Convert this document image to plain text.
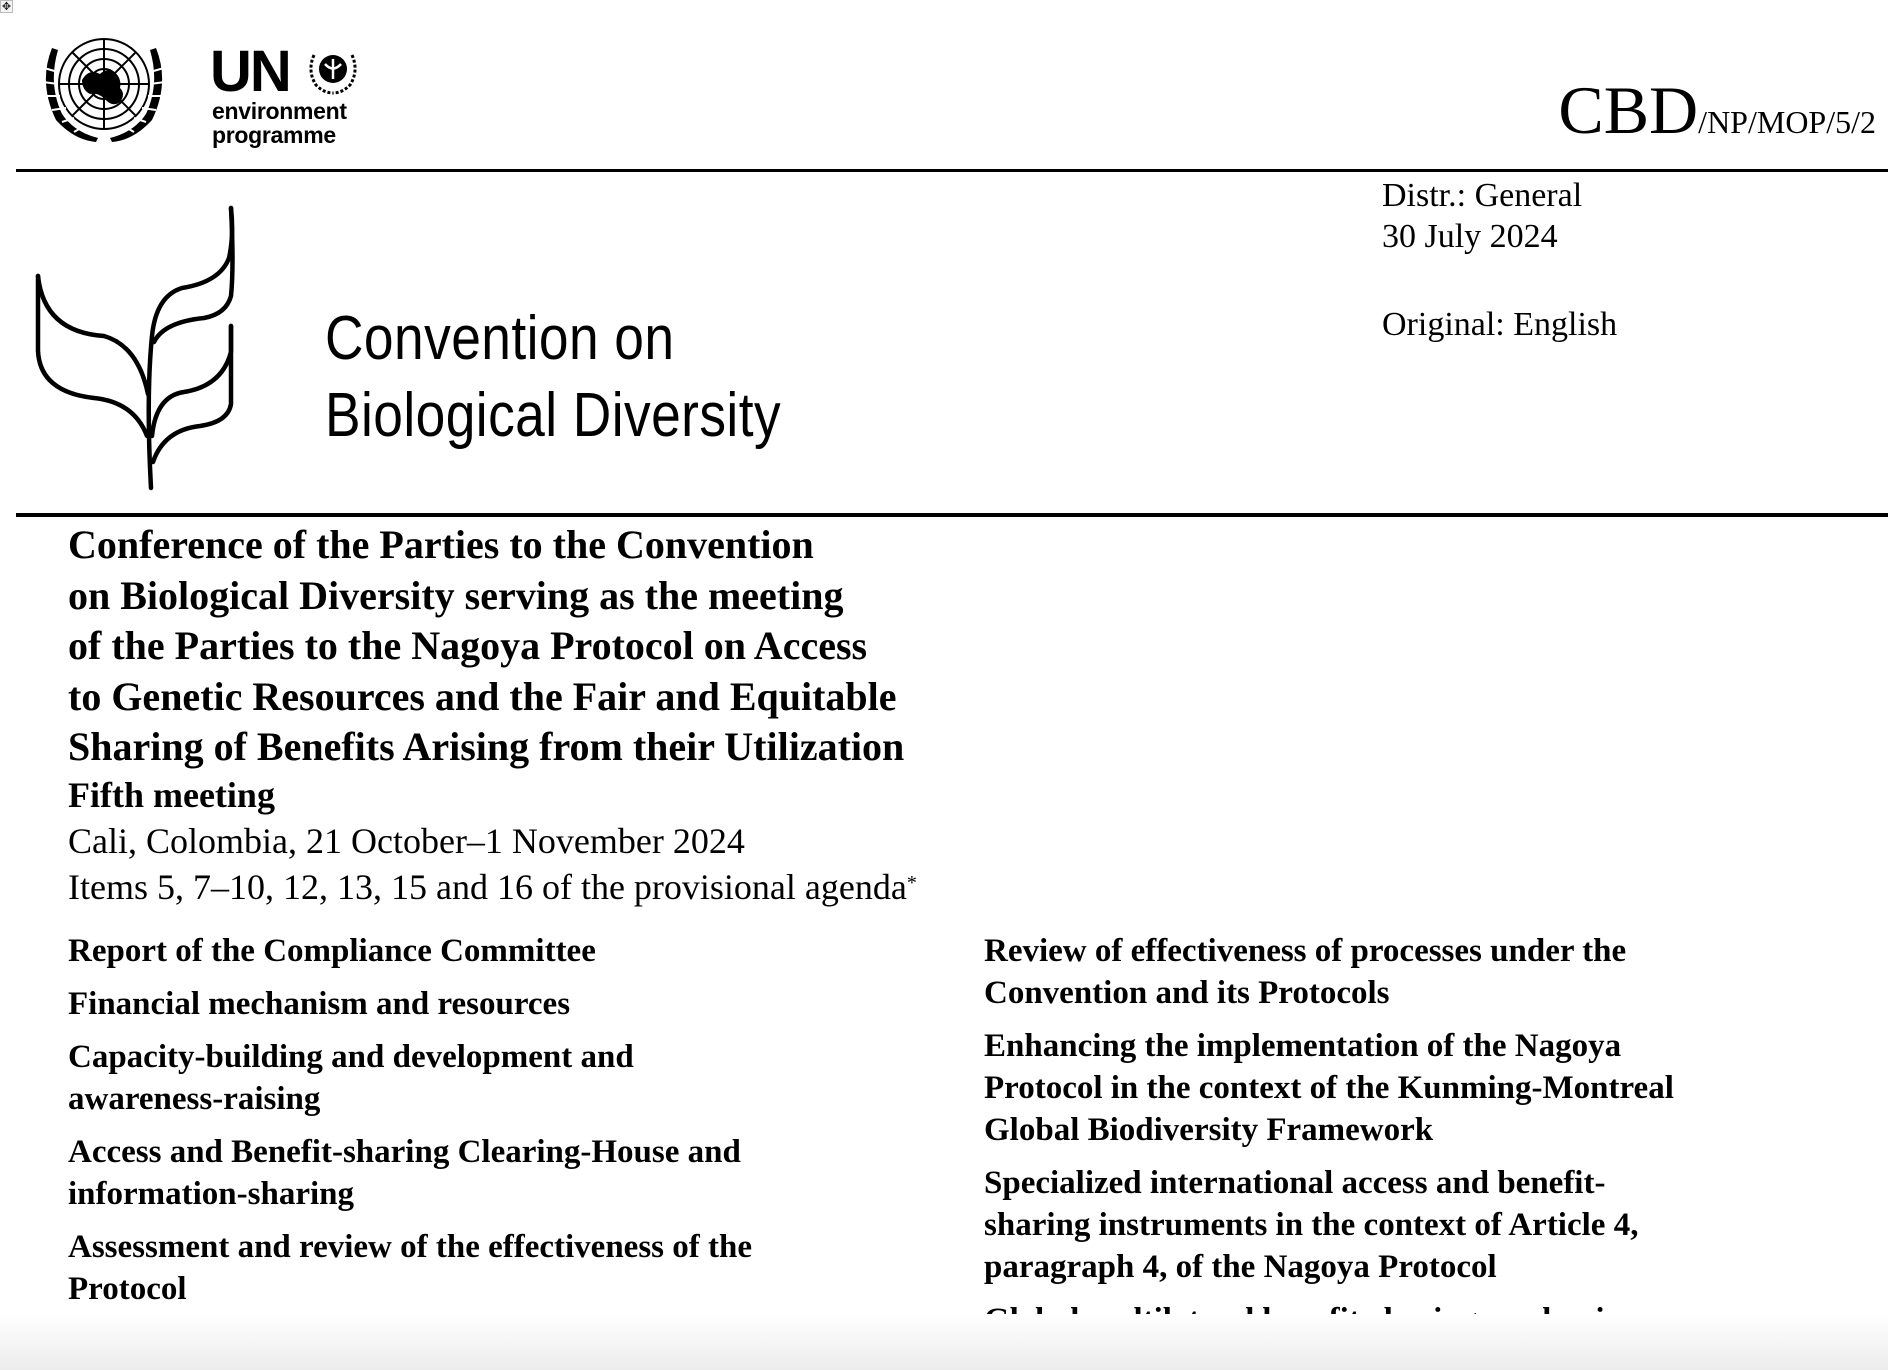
✥
UN
environment
programme	CBD/NP/MOP/5/2
Distr.: General
30 July 2024
Original: English
Convention on
Biological Diversity
Conference of the Parties to the Convention
on Biological Diversity serving as the meeting
of the Parties to the Nagoya Protocol on Access
to Genetic Resources and the Fair and Equitable
Sharing of Benefits Arising from their Utilization
Fifth meeting
Cali, Colombia, 21 October–1 November 2024
Items 5, 7–10, 12, 13, 15 and 16 of the provisional agenda*
Report of the Compliance Committee
Financial mechanism and resources
Capacity-building and development and
awareness-raising
Access and Benefit-sharing Clearing-House and
information-sharing
Assessment and review of the effectiveness of the
Protocol
Review of effectiveness of processes under the
Convention and its Protocols
Enhancing the implementation of the Nagoya
Protocol in the context of the Kunming-Montreal
Global Biodiversity Framework
Specialized international access and benefit-
sharing instruments in the context of Article 4,
paragraph 4, of the Nagoya Protocol
